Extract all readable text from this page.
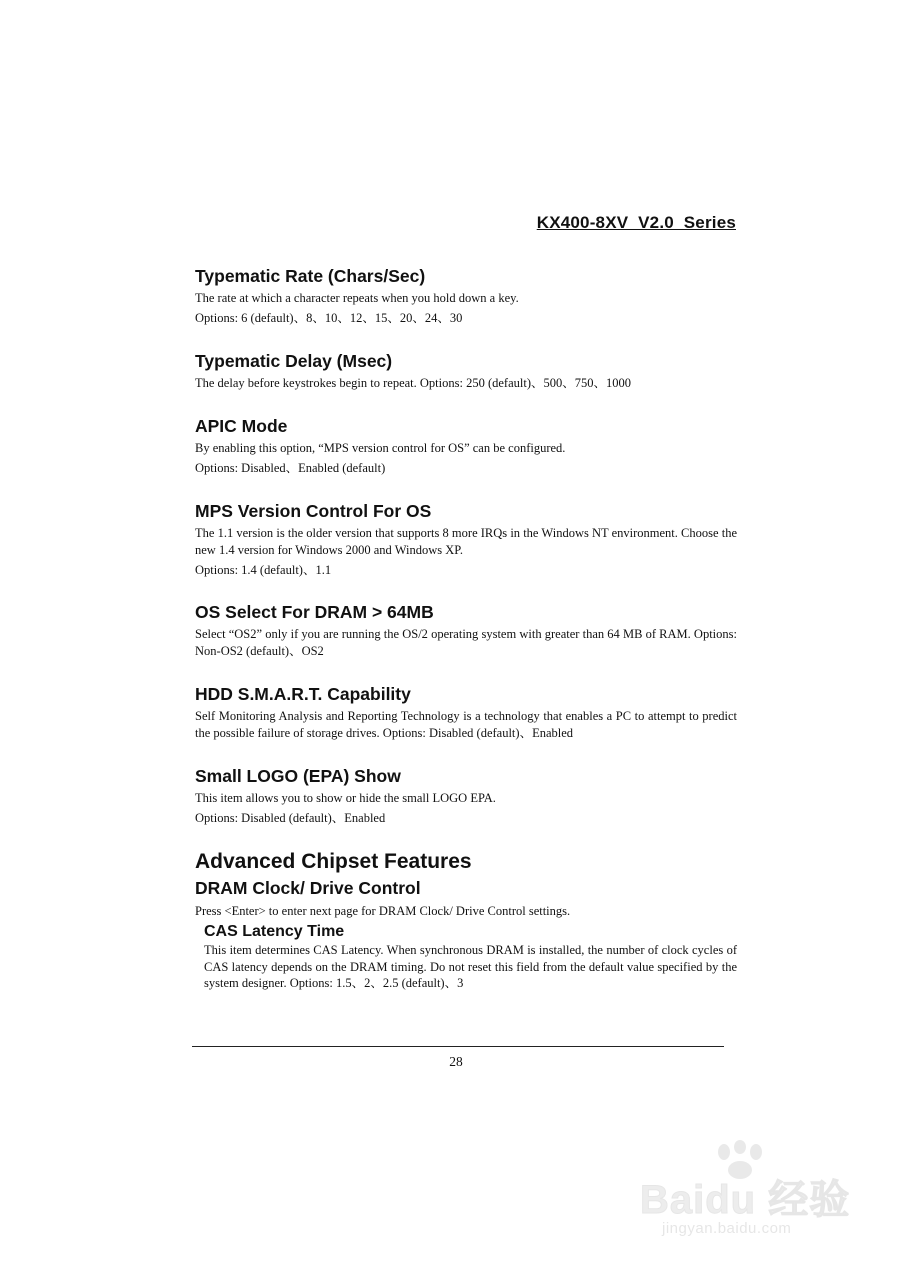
KX400-8XV  V2.0  Series
Typematic Rate (Chars/Sec)

The rate at which a character repeats when you hold down a key.

Options: 6 (default)、8、10、12、15、20、24、30

Typematic Delay (Msec)

The delay before keystrokes begin to repeat. Options: 250 (default)、500、750、1000

APIC Mode

By enabling this option, “MPS version control for OS” can be configured.

Options: Disabled、Enabled (default)

MPS Version Control For OS

The 1.1 version is the older version that supports 8 more IRQs in the Windows NT environment. Choose the new 1.4 version for Windows 2000 and Windows XP.

Options: 1.4 (default)、1.1

OS Select For DRAM > 64MB

Select “OS2” only if you are running the OS/2 operating system with greater than 64 MB of RAM. Options: Non-OS2 (default)、OS2

HDD S.M.A.R.T. Capability

Self Monitoring Analysis and Reporting Technology is a technology that enables a PC to attempt to predict the possible failure of storage drives. Options: Disabled (default)、Enabled

Small LOGO (EPA) Show

This item allows you to show or hide the small LOGO EPA.

Options: Disabled (default)、Enabled

Advanced Chipset Features
DRAM Clock/ Drive Control

Press <Enter> to enter next page for DRAM Clock/ Drive Control settings.

CAS Latency Time

This item determines CAS Latency. When synchronous DRAM is installed, the number of clock cycles of CAS latency depends on the DRAM timing. Do not reset this field from the default value specified by the system designer. Options: 1.5、2、2.5 (default)、3

28
Baidu 经验
jingyan.baidu.com
